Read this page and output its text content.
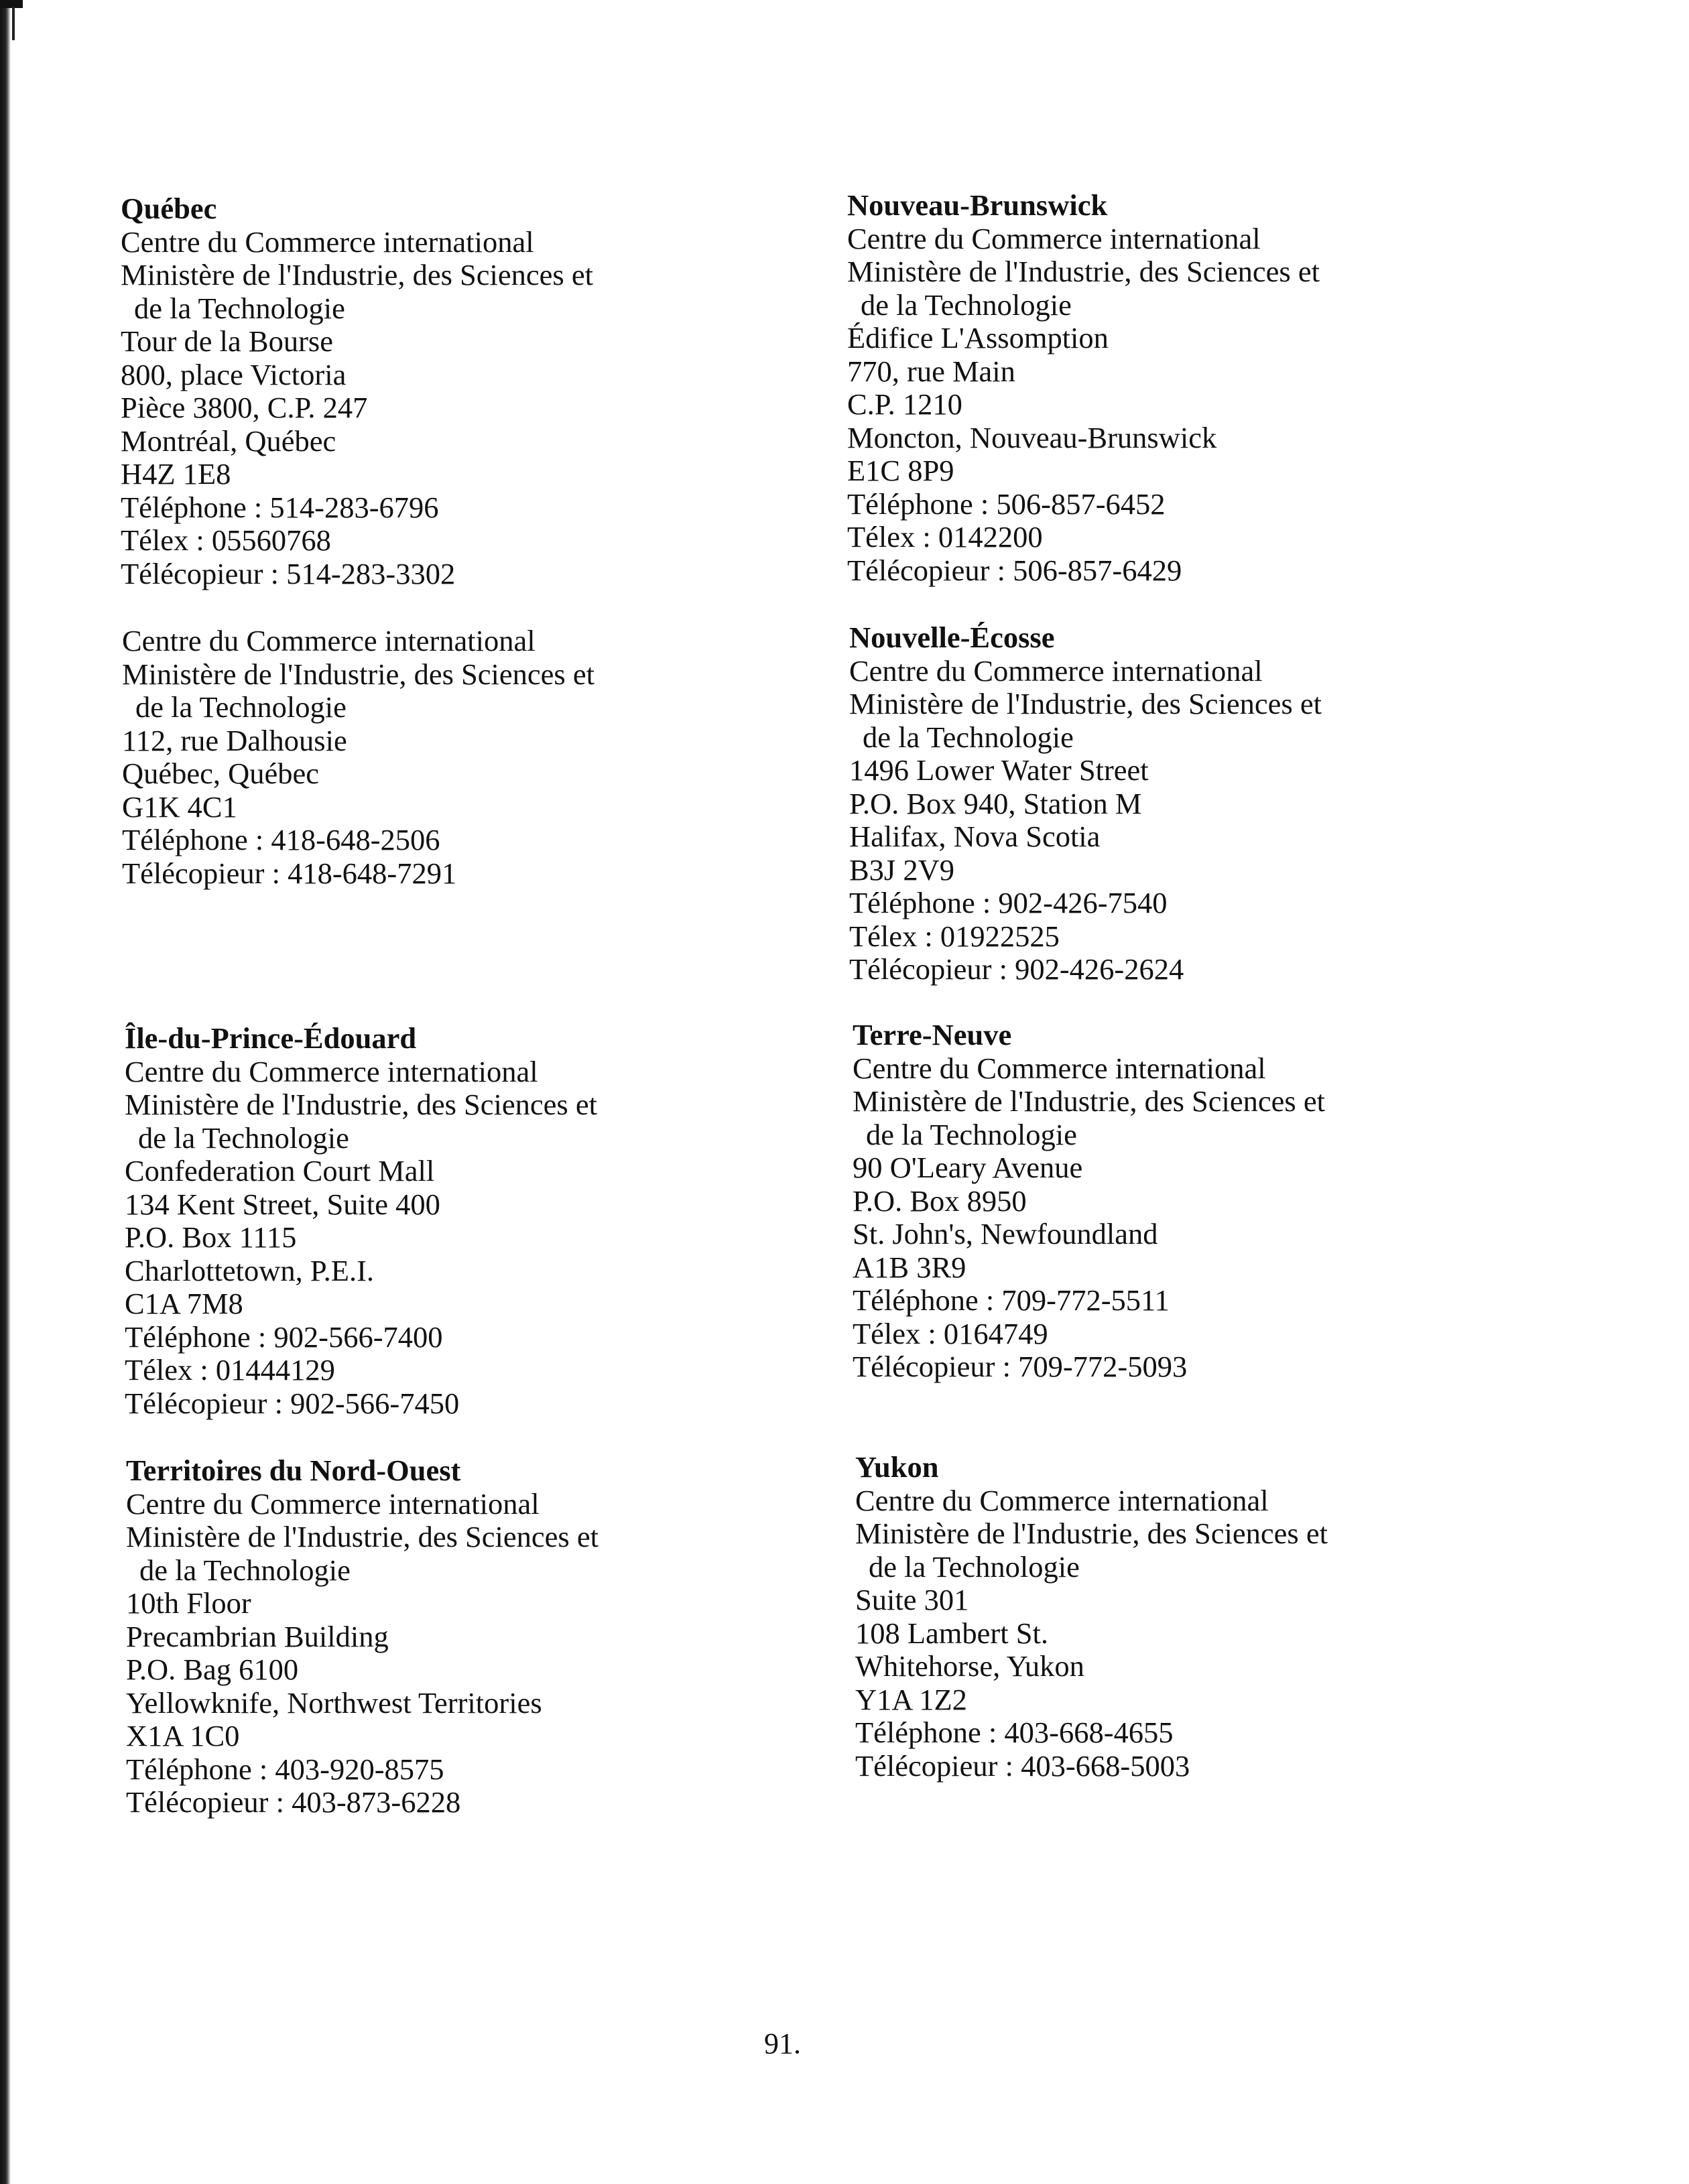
Québec
Centre du Commerce international
Ministère de l'Industrie, des Sciences et
de la Technologie
Tour de la Bourse
800, place Victoria
Pièce 3800, C.P. 247
Montréal, Québec
H4Z 1E8
Téléphone : 514-283-6796
Télex : 05560768
Télécopieur : 514-283-3302
Centre du Commerce international
Ministère de l'Industrie, des Sciences et
de la Technologie
112, rue Dalhousie
Québec, Québec
G1K 4C1
Téléphone : 418-648-2506
Télécopieur : 418-648-7291
Île-du-Prince-Édouard
Centre du Commerce international
Ministère de l'Industrie, des Sciences et
de la Technologie
Confederation Court Mall
134 Kent Street, Suite 400
P.O. Box 1115
Charlottetown, P.E.I.
C1A 7M8
Téléphone : 902-566-7400
Télex : 01444129
Télécopieur : 902-566-7450
Territoires du Nord-Ouest
Centre du Commerce international
Ministère de l'Industrie, des Sciences et
de la Technologie
10th Floor
Precambrian Building
P.O. Bag 6100
Yellowknife, Northwest Territories
X1A 1C0
Téléphone : 403-920-8575
Télécopieur : 403-873-6228
Nouveau-Brunswick
Centre du Commerce international
Ministère de l'Industrie, des Sciences et
de la Technologie
Édifice L'Assomption
770, rue Main
C.P. 1210
Moncton, Nouveau-Brunswick
E1C 8P9
Téléphone : 506-857-6452
Télex : 0142200
Télécopieur : 506-857-6429
Nouvelle-Écosse
Centre du Commerce international
Ministère de l'Industrie, des Sciences et
de la Technologie
1496 Lower Water Street
P.O. Box 940, Station M
Halifax, Nova Scotia
B3J 2V9
Téléphone : 902-426-7540
Télex : 01922525
Télécopieur : 902-426-2624
Terre-Neuve
Centre du Commerce international
Ministère de l'Industrie, des Sciences et
de la Technologie
90 O'Leary Avenue
P.O. Box 8950
St. John's, Newfoundland
A1B 3R9
Téléphone : 709-772-5511
Télex : 0164749
Télécopieur : 709-772-5093
Yukon
Centre du Commerce international
Ministère de l'Industrie, des Sciences et
de la Technologie
Suite 301
108 Lambert St.
Whitehorse, Yukon
Y1A 1Z2
Téléphone : 403-668-4655
Télécopieur : 403-668-5003
91.
